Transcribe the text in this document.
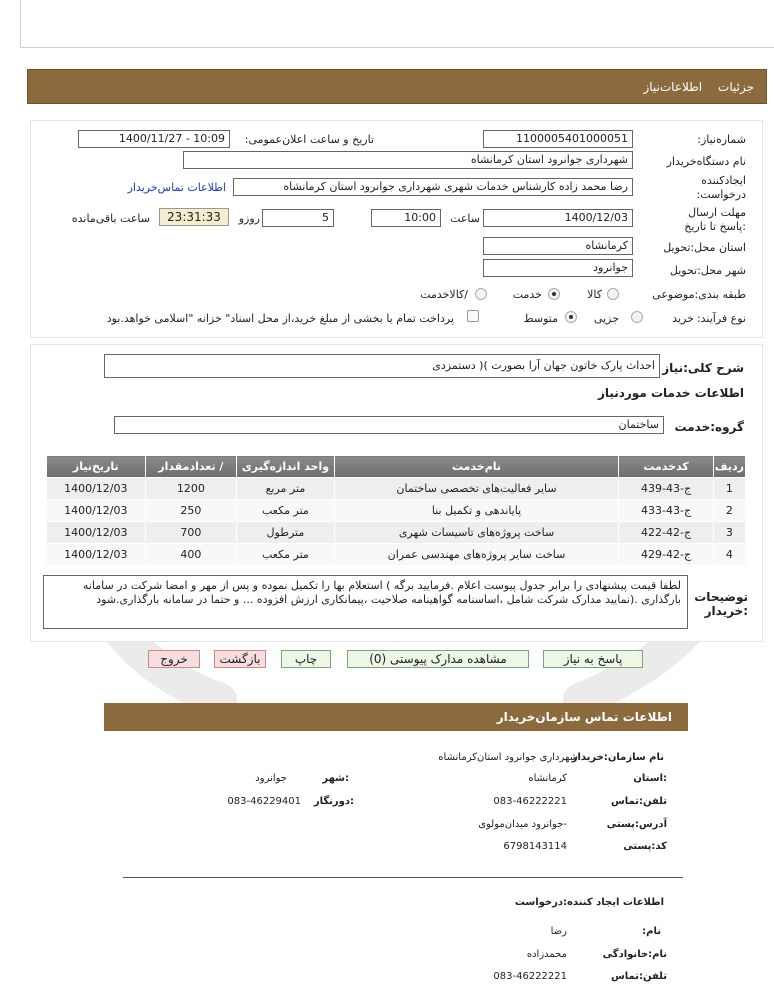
جزئیات
اطلاعات‌نیاز
شماره‌نیاز:
1100005401000051
تاریخ و ساعت اعلان‌عمومی:
1400/11/27 - 10:09
نام دستگاه‌خریدار
شهرداری جوانرود استان کرمانشاه
ایجادکننده درخواست:
رضا محمد زاده کارشناس خدمات شهری شهرداری جوانرود استان کرمانشاه
اطلاعات تماس‌خریدار
مهلت ارسال :پاسخ تا تاریخ
1400/12/03
ساعت
10:00
5
روزو
23:31:33
ساعت باقی‌مانده
استان محل:تحویل
کرمانشاه
شهر محل:تحویل
جوانرود
طبقه بندی:موضوعی
کالا
خدمت
/کالاخدمت
نوع فرآیند:
خرید
جزیی
متوسط
پرداخت تمام یا بخشی از مبلغ خرید،از محل اسناد" خزانه "اسلامی خواهد.بود
شرح کلی:نیاز
احداث پارک خاتون جهان آرا بصورت )( دستمزدی
اطلاعات خدمات موردنیاز
گروه:خدمت
ساختمان
ردیف	کدخدمت	نام‌خدمت	واحد اندازه‌گیری	/ تعدادمقدار	تاریخ‌نیاز
1	ج-43-439	سایر فعالیت‌های تخصصی ساختمان	متر مربع	1200	1400/12/03
2	ج-43-433	پایاندهی و تکمیل بنا	متر مکعب	250	1400/12/03
3	ج-42-422	ساخت پروژه‌های تاسیسات شهری	مترطول	700	1400/12/03
4	ج-42-429	ساخت سایر پروژه‌های مهندسی عمران	متر مکعب	400	1400/12/03
توضیحات :خریدار
لطفا قیمت پیشنهادی را برابر جدول پیوست اعلام .فرمایید برگه ) استعلام بها را تکمیل نموده و پس از مهر و امضا شرکت در سامانه بارگذاری .(نمایید مدارک شرکت شامل ،اساسنامه گواهینامه صلاحیت ،پیمانکاری ارزش افزوده ... و حتما در سامانه بارگذاری.شود
پاسخ به نیاز
مشاهده مدارک پیوستی (0)
چاپ
بازگشت
خروج
اطلاعات تماس سازمان‌خریدار
نام سازمان:خریدار
شهرداری جوانرود استان‌کرمانشاه
:استان
کرمانشاه
:شهر
جوانرود
تلفن:تماس
083-46222221
:دورنگار
083-46229401
آدرس:پستی
-جوانرود میدان‌مولوی
کد:پستی
6798143114
اطلاعات ایجاد کننده:درخواست
نام:
رضا
نام:خانوادگی
محمدزاده
تلفن:تماس
083-46222221
